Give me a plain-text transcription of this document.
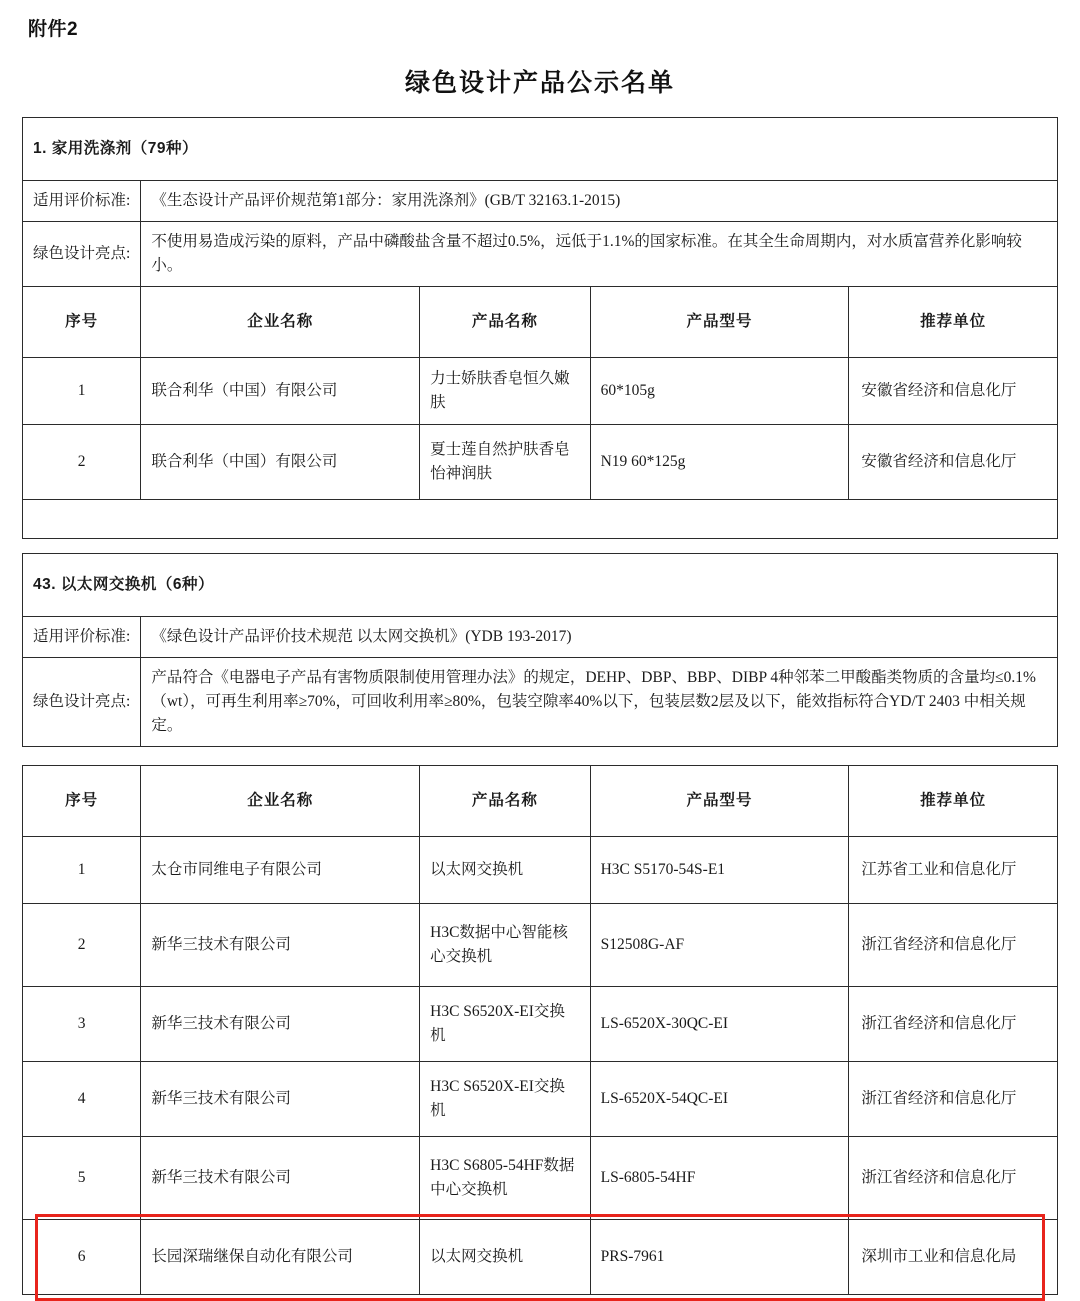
附件2
绿色设计产品公示名单
1. 家用洗涤剂（79种）				
适用评价标准:	《生态设计产品评价规范第1部分：家用洗涤剂》(GB/T 32163.1-2015)			
绿色设计亮点:	不使用易造成污染的原料，产品中磷酸盐含量不超过0.5%，远低于1.1%的国家标准。在其全生命周期内，对水质富营养化影响较小。			
序号	企业名称	产品名称	产品型号	推荐单位
1	联合利华（中国）有限公司	力士娇肤香皂恒久嫩肤	60*105g	安徽省经济和信息化厅
2	联合利华（中国）有限公司	夏士莲自然护肤香皂怡神润肤	N19 60*125g	安徽省经济和信息化厅

43. 以太网交换机（6种）	
适用评价标准:	《绿色设计产品评价技术规范 以太网交换机》(YDB 193-2017)
绿色设计亮点:	产品符合《电器电子产品有害物质限制使用管理办法》的规定，DEHP、DBP、BBP、DIBP 4种邻苯二甲酸酯类物质的含量均≤0.1%（wt），可再生利用率≥70%，可回收利用率≥80%，包装空隙率40%以下，包装层数2层及以下，能效指标符合YD/T 2403 中相关规定。
序号	企业名称	产品名称	产品型号	推荐单位
1	太仓市同维电子有限公司	以太网交换机	H3C S5170-54S-E1	江苏省工业和信息化厅
2	新华三技术有限公司	H3C数据中心智能核心交换机	S12508G-AF	浙江省经济和信息化厅
3	新华三技术有限公司	H3C S6520X-EI交换机	LS-6520X-30QC-EI	浙江省经济和信息化厅
4	新华三技术有限公司	H3C S6520X-EI交换机	LS-6520X-54QC-EI	浙江省经济和信息化厅
5	新华三技术有限公司	H3C S6805-54HF数据中心交换机	LS-6805-54HF	浙江省经济和信息化厅
6	长园深瑞继保自动化有限公司	以太网交换机	PRS-7961	深圳市工业和信息化局
